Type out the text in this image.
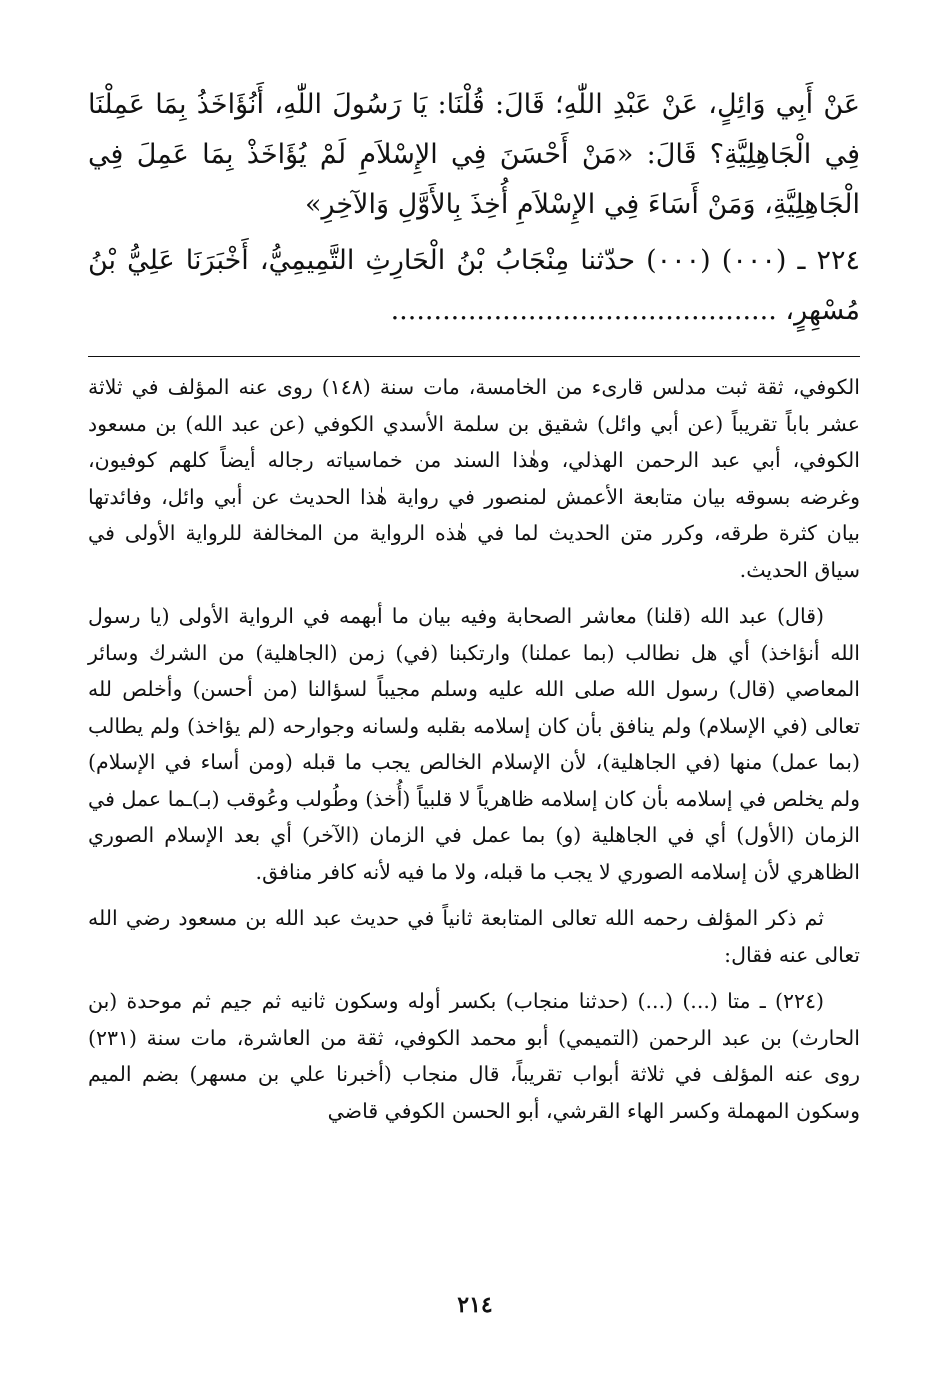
عَنْ أَبِي وَائِلٍ، عَنْ عَبْدِ اللّٰهِ؛ قَالَ: قُلْنَا: يَا رَسُولَ اللّٰهِ، أَنُؤَاخَذُ بِمَا عَمِلْنَا فِي الْجَاهِلِيَّةِ؟ قَالَ: «مَنْ أَحْسَنَ فِي الإِسْلاَمِ لَمْ يُؤَاخَذْ بِمَا عَمِلَ فِي الْجَاهِلِيَّةِ، وَمَنْ أَسَاءَ فِي الإِسْلاَمِ أُخِذَ بِالأَوَّلِ وَالآخِرِ»

٢٢٤ ـ (٠٠٠) (٠٠٠) حدّثنا مِنْجَابُ بْنُ الْحَارِثِ التَّمِيمِيُّ، أَخْبَرَنَا عَلِيُّ بْنُ مُسْهِرٍ، .............................................

الكوفي، ثقة ثبت مدلس قارىء من الخامسة، مات سنة (١٤٨) روى عنه المؤلف في ثلاثة عشر باباً تقريباً (عن أبي وائل) شقيق بن سلمة الأسدي الكوفي (عن عبد الله) بن مسعود الكوفي، أبي عبد الرحمن الهذلي، وهٰذا السند من خماسياته رجاله أيضاً كلهم كوفيون، وغرضه بسوقه بيان متابعة الأعمش لمنصور في رواية هٰذا الحديث عن أبي وائل، وفائدتها بيان كثرة طرقه، وكرر متن الحديث لما في هٰذه الرواية من المخالفة للرواية الأولى في سياق الحديث.

(قال) عبد الله (قلنا) معاشر الصحابة وفيه بيان ما أبهمه في الرواية الأولى (يا رسول الله أنؤاخذ) أي هل نطالب (بما عملنا) وارتكبنا (في) زمن (الجاهلية) من الشرك وسائر المعاصي (قال) رسول الله صلى الله عليه وسلم مجيباً لسؤالنا (من أحسن) وأخلص لله تعالى (في الإسلام) ولم ينافق بأن كان إسلامه بقلبه ولسانه وجوارحه (لم يؤاخذ) ولم يطالب (بما عمل) منها (في الجاهلية)، لأن الإسلام الخالص يجب ما قبله (ومن أساء في الإسلام) ولم يخلص في إسلامه بأن كان إسلامه ظاهرياً لا قلبياً (أُخذ) وطُولب وعُوقب (بـ)ـما عمل في الزمان (الأول) أي في الجاهلية (و) بما عمل في الزمان (الآخر) أي بعد الإسلام الصوري الظاهري لأن إسلامه الصوري لا يجب ما قبله، ولا ما فيه لأنه كافر منافق.

ثم ذكر المؤلف رحمه الله تعالى المتابعة ثانياً في حديث عبد الله بن مسعود رضي الله تعالى عنه فقال:

(٢٢٤) ـ متا (...) (...) (حدثنا منجاب) بكسر أوله وسكون ثانيه ثم جيم ثم موحدة (بن الحارث) بن عبد الرحمن (التميمي) أبو محمد الكوفي، ثقة من العاشرة، مات سنة (٢٣١) روى عنه المؤلف في ثلاثة أبواب تقريباً، قال منجاب (أخبرنا علي بن مسهر) بضم الميم وسكون المهملة وكسر الهاء القرشي، أبو الحسن الكوفي قاضي

٢١٤
